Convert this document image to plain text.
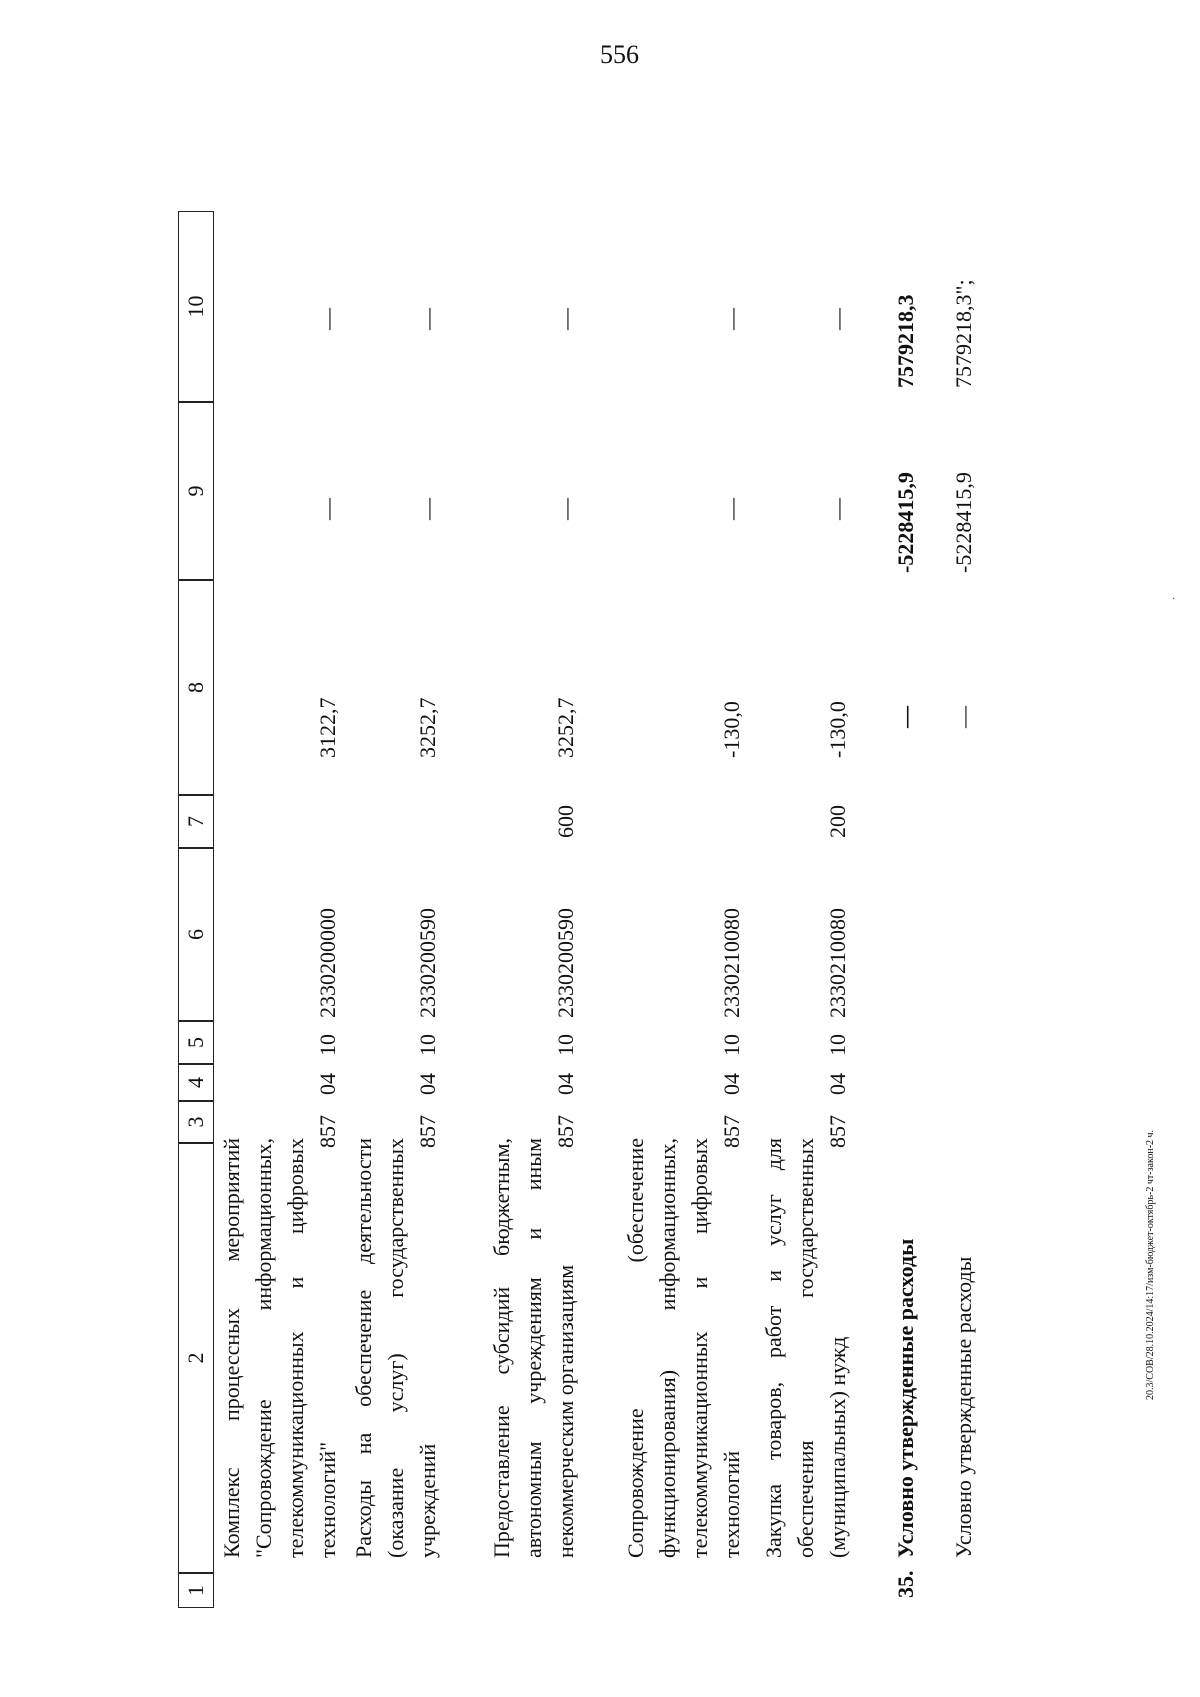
556
.
20.3/СОВ/28.10.2024/14:17/изм-бюджет-октябрь-2 чт-закон-2 ч.
1
2
3
4
5
6
7
8
9
10
Комплекс процессных мероприятий "Сопровождение информационных, телекоммуникационных и цифровых технологий"
857
04
10
2330200000
3122,7
—
—
Расходы на обеспечение деятельности (оказание услуг) государственных учреждений
857
04
10
2330200590
3252,7
—
—
Предоставление субсидий бюджетным, автономным учреждениям и иным некоммерческим организациям
857
04
10
2330200590
600
3252,7
—
—
Сопровождение (обеспечение функционирования) информационных, телекоммуникационных и цифровых технологий
857
04
10
2330210080
-130,0
—
—
Закупка товаров, работ и услуг для обеспечения государственных (муниципальных) нужд
857
04
10
2330210080
200
-130,0
—
—
35.
Условно утвержденные расходы
—
-5228415,9
7579218,3
Условно утвержденные расходы
—
-5228415,9
7579218,3";
